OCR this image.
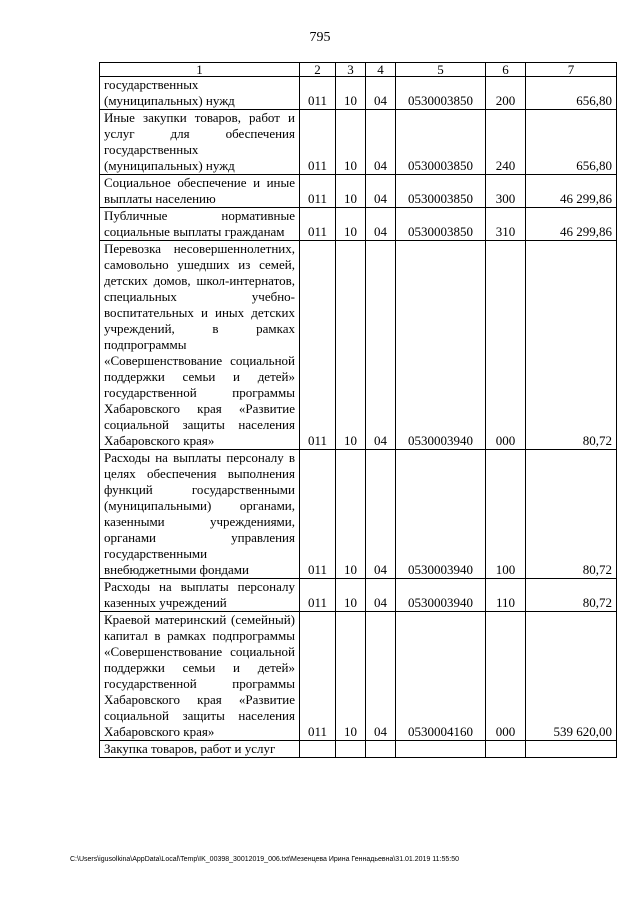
795
1	2	3	4	5	6	7
государственных (муниципальных) нужд	011	10	04	0530003850	200	656,80
Иные закупки товаров, работ и услуг для обеспечения государственных (муниципальных) нужд	011	10	04	0530003850	240	656,80
Социальное обеспечение и иные выплаты населению	011	10	04	0530003850	300	46 299,86
Публичные нормативные социальные выплаты гражданам	011	10	04	0530003850	310	46 299,86
Перевозка несовершеннолетних, самовольно ушедших из семей, детских домов, школ-интернатов, специальных учебно-воспитательных и иных детских учреждений, в рамках подпрограммы «Совершенствование социальной поддержки семьи и детей» государственной программы Хабаровского края «Развитие социальной защиты населения Хабаровского края»	011	10	04	0530003940	000	80,72
Расходы на выплаты персоналу в целях обеспечения выполнения функций государственными (муниципальными) органами, казенными учреждениями, органами управления государственными внебюджетными фондами	011	10	04	0530003940	100	80,72
Расходы на выплаты персоналу казенных учреждений	011	10	04	0530003940	110	80,72
Краевой материнский (семейный) капитал в рамках подпрограммы «Совершенствование социальной поддержки семьи и детей» государственной программы Хабаровского края «Развитие социальной защиты населения Хабаровского края»	011	10	04	0530004160	000	539 620,00
Закупка товаров, работ и услуг						
C:\Users\igusolkina\AppData\Local\Temp\IK_00398_30012019_006.txt\Мезенцева Ирина Геннадьевна\31.01.2019 11:55:50
